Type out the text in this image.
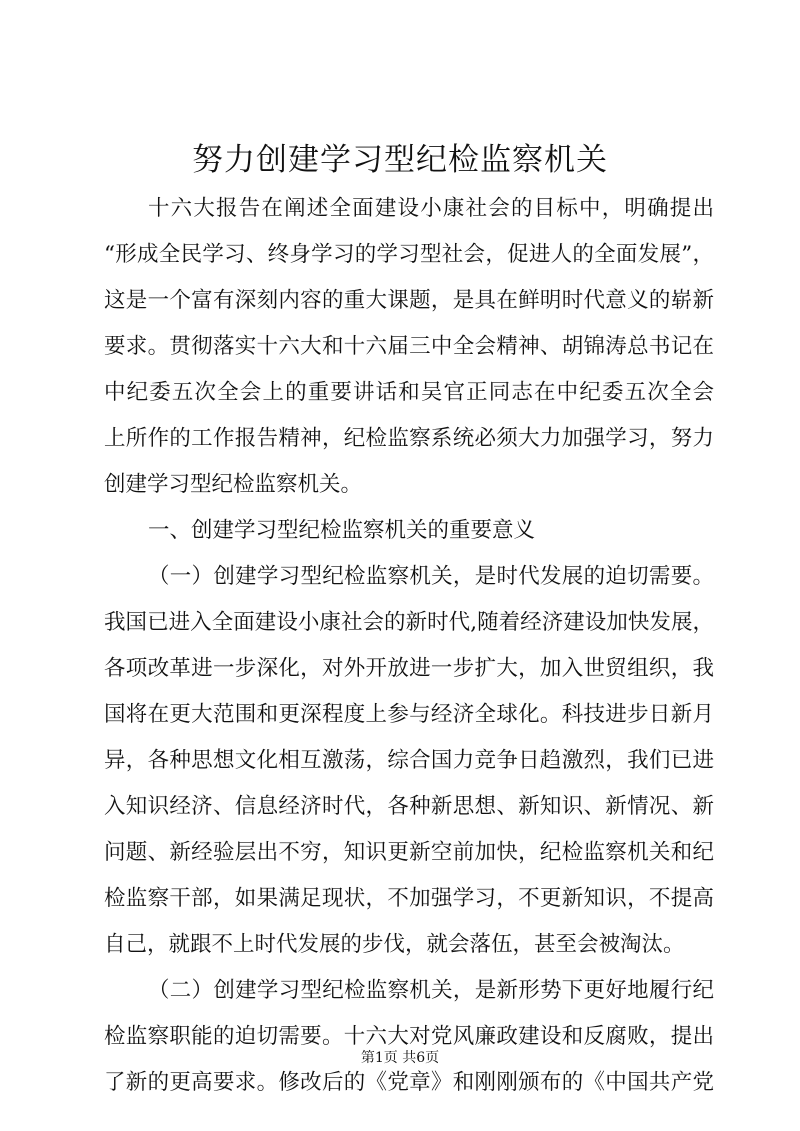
努力创建学习型纪检监察机关
十六大报告在阐述全面建设小康社会的目标中，明确提出
“形成全民学习、终身学习的学习型社会，促进人的全面发展”，
这是一个富有深刻内容的重大课题，是具在鲜明时代意义的崭新
要求。贯彻落实十六大和十六届三中全会精神、胡锦涛总书记在
中纪委五次全会上的重要讲话和吴官正同志在中纪委五次全会
上所作的工作报告精神，纪检监察系统必须大力加强学习，努力
创建学习型纪检监察机关。
一、创建学习型纪检监察机关的重要意义
（一）创建学习型纪检监察机关，是时代发展的迫切需要。
我国已进入全面建设小康社会的新时代,随着经济建设加快发展，
各项改革进一步深化，对外开放进一步扩大，加入世贸组织，我
国将在更大范围和更深程度上参与经济全球化。科技进步日新月
异，各种思想文化相互激荡，综合国力竞争日趋激烈，我们已进
入知识经济、信息经济时代，各种新思想、新知识、新情况、新
问题、新经验层出不穷，知识更新空前加快，纪检监察机关和纪
检监察干部，如果满足现状，不加强学习，不更新知识，不提高
自己，就跟不上时代发展的步伐，就会落伍，甚至会被淘汰。
（二）创建学习型纪检监察机关，是新形势下更好地履行纪
检监察职能的迫切需要。十六大对党风廉政建设和反腐败，提出
了新的更高要求。修改后的《党章》和刚刚颁布的《中国共产党
第1页 共6页
